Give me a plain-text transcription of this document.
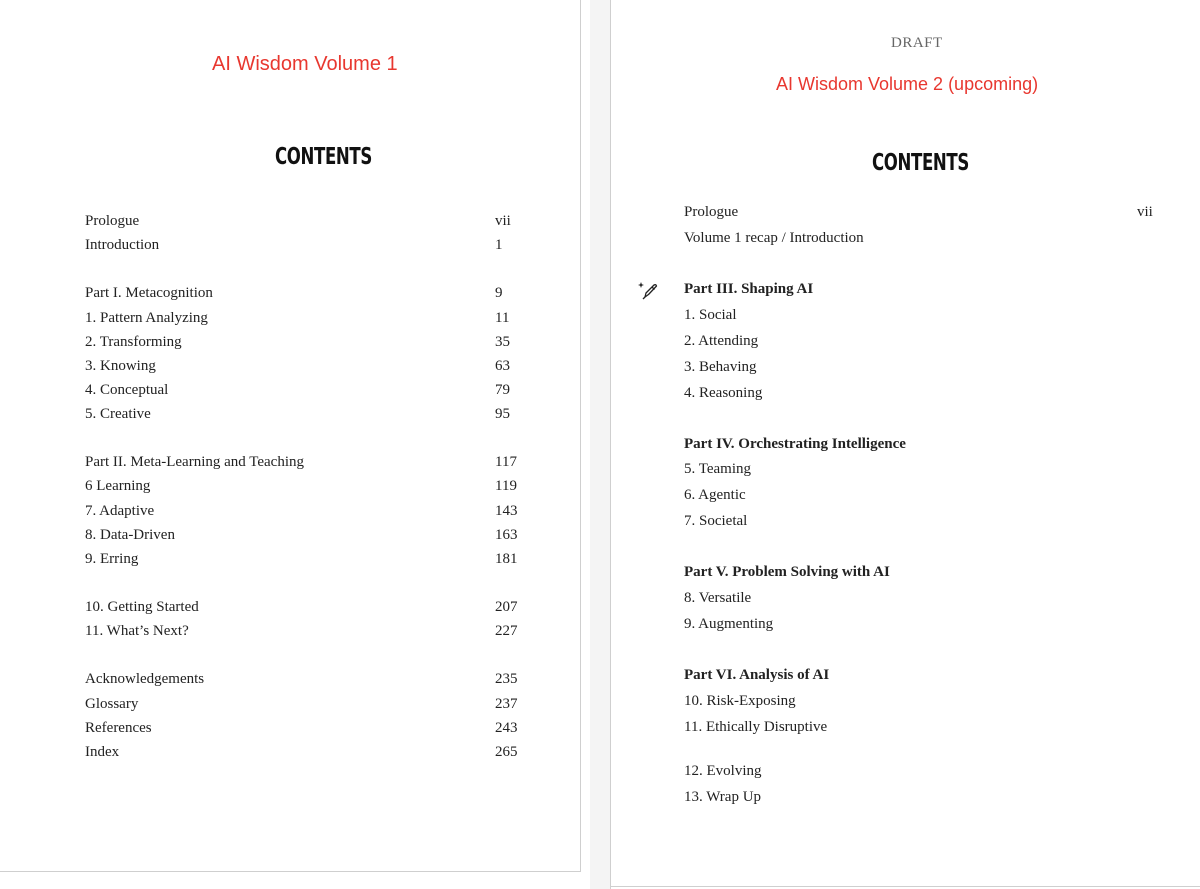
AI Wisdom Volume 1
CONTENTS
Prologue	vii
Introduction	1
Part I. Metacognition	9
1. Pattern Analyzing	11
2. Transforming	35
3. Knowing	63
4. Conceptual	79
5. Creative	95
Part II. Meta-Learning and Teaching	117
6 Learning	119
7. Adaptive	143
8. Data-Driven	163
9. Erring	181
10. Getting Started	207
11. What’s Next?	227
Acknowledgements	235
Glossary	237
References	243
Index	265
DRAFT
AI Wisdom Volume 2 (upcoming)
CONTENTS
Prologue	vii
Volume 1 recap / Introduction
Part III. Shaping AI
1. Social
2. Attending
3. Behaving
4. Reasoning
Part IV. Orchestrating Intelligence
5. Teaming
6. Agentic
7. Societal
Part V. Problem Solving with AI
8. Versatile
9. Augmenting
Part VI. Analysis of AI
10. Risk-Exposing
11. Ethically Disruptive
12. Evolving
13. Wrap Up
